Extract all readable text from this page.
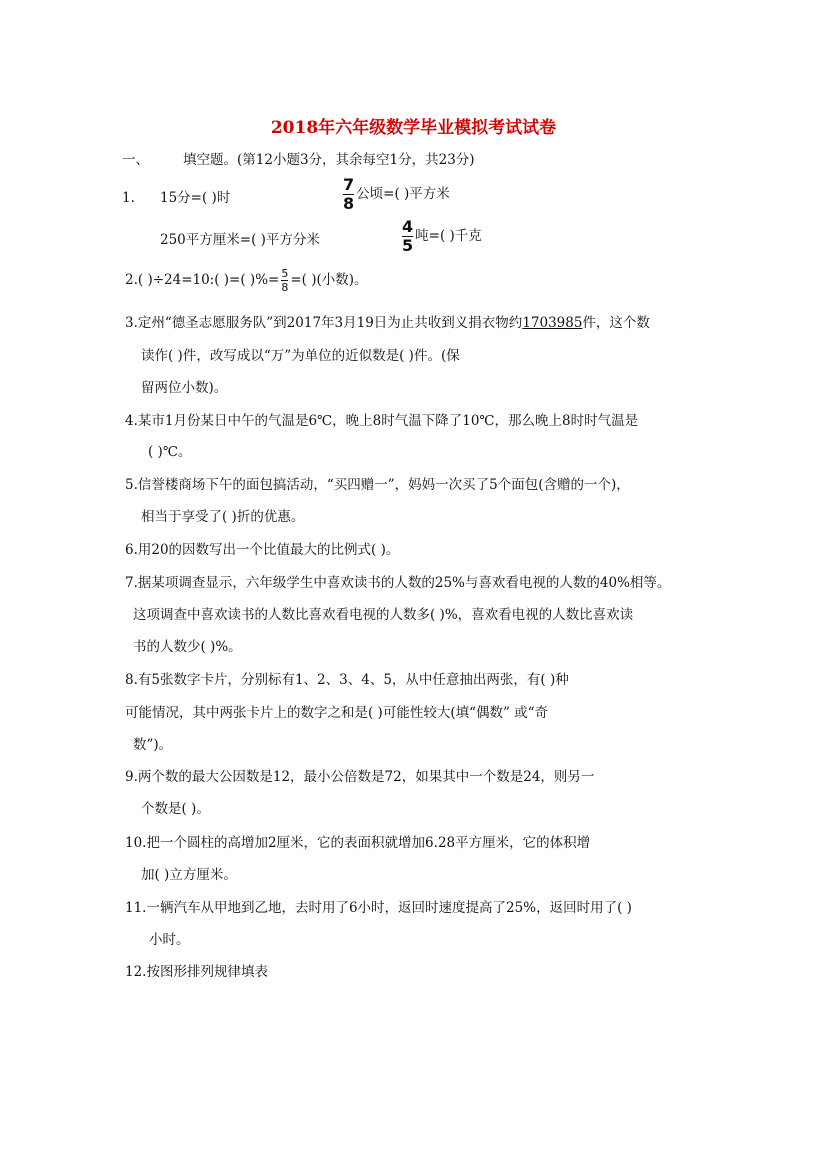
2018年六年级数学毕业模拟考试试卷
一、	填空题。(第12小题3分，其余每空1分，共23分)
1. 15分=( )时	$\frac{7}{8}$ 公顷=( )平方米
250平方厘米=( )平方分米	$\frac{4}{5}$ 吨=( )千克
2.( )÷24=10:( )=( )%= $\frac{5}{8}$ =( )(小数)。
3.定州“德圣志愿服务队”到2017年3月19日为止共收到义捐衣物约1703985件，这个数
读作( )件，改写成以“万”为单位的近似数是( )件。(保
留两位小数)。
4.某市1月份某日中午的气温是6℃，晚上8时气温下降了10℃，那么晚上8时时气温是
( )℃。
5.信誉楼商场下午的面包搞活动，“买四赠一”，妈妈一次买了5个面包(含赠的一个)，
相当于享受了( )折的优惠。
6.用20的因数写出一个比值最大的比例式( )。
7.据某项调查显示，六年级学生中喜欢读书的人数的25%与喜欢看电视的人数的40%相等。
这项调查中喜欢读书的人数比喜欢看电视的人数多( )%，喜欢看电视的人数比喜欢读
书的人数少( )%。
8.有5张数字卡片，分别标有1、2、3、4、5，从中任意抽出两张，有( )种
可能情况，其中两张卡片上的数字之和是( )可能性较大(填“偶数” 或“奇
数”)。
9.两个数的最大公因数是12，最小公倍数是72，如果其中一个数是24，则另一
个数是( )。
10.把一个圆柱的高增加2厘米，它的表面积就增加6.28平方厘米，它的体积增
加( )立方厘米。
11.一辆汽车从甲地到乙地，去时用了6小时，返回时速度提高了25%，返回时用了( )
小时。
12.按图形排列规律填表
